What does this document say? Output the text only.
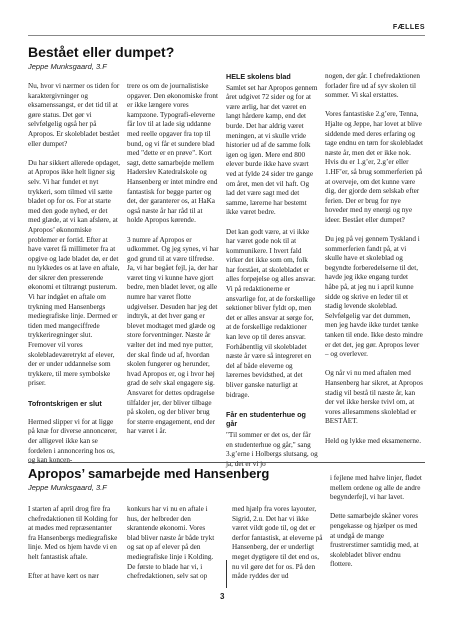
FÆLLES
Bestået eller dumpet?

Jeppe Munksgaard, 3.F

Nu, hvor vi nærmer os tiden for karaktergivninger og eksamenssangst, er det tid til at gøre status. Det gør vi selvfølgelig også her på Apropos. Er skolebladet bestået eller dumpet?

Du har sikkert allerede opdaget, at Apropos ikke helt ligner sig selv. Vi har fundet et nyt trykkeri, som tilmed vil sætte bladet op for os. For at starte med den gode nyhed, er det med glæde, at vi kan afsløre, at Apropos’ økonomiske problemer er fortid. Efter at have været få millimeter fra at opgive og lade bladet dø, er det nu lykkedes os at lave en aftale, der sikrer den presserende økonomi et tiltrængt pusterum. Vi har indgået en aftale om trykning med Hansenbergs mediegrafiske linje. Dermed er tiden med mangeciffrede trykkeriregninger slut. Fremover vil vores skolebladeværetrykt af elever, der er under uddannelse som trykkere, til mere symbolske priser.

Tofrontskrigen er slut

Hermed slipper vi for at ligge på knæ for diverse annoncører, der alligevel ikke kan se fordelen i annoncering hos os, og kan koncen-

trere os om de journalistiske opgaver. Den økonomiske front er ikke længere vores kampzone. Typografi-eleverne får lov til at lade sig uddanne med reelle opgaver fra top til bund, og vi får et sundere blad med "dette er en prøve". Kort sagt, dette samarbejde mellem Haderslev Katedralskole og Hansenberg er intet mindre end fantastisk for begge parter og det, der garanterer os, at HaKa også næste år har råd til at holde Apropos kørende.

3 numre af Apropos er udkommet. Og jeg synes, vi har god grund til at være tilfredse. Ja, vi har begået fejl, ja, der har været ting vi kunne have gjort bedre, men bladet lever, og alle numre har været flotte udgivelser. Desuden har jeg det indtryk, at det hver gang er blevet modtaget med glæde og store forventninger. Næste år vælter det ind med nye putter, der skal finde ud af, hvordan skolen fungerer og herunder, hvad Apropos er, og i hvor høj grad de selv skal engagere sig. Ansvaret for dettes opdragelse tilfalder jer, der bliver tilbage på skolen, og der bliver brug for større engagement, end der har været i år.

HELE skolens blad

Samlet set har Apropos gennem året udgivet 72 sider og for at være ærlig, har det været en langt hårdere kamp, end det burde. Det har aldrig været meningen, at vi skulle vride historier ud af de samme folk igen og igen. Mere end 800 elever burde ikke have svært ved at fylde 24 sider tre gange om året, men det vil haft. Og lad det være sagt med det samme, lærerne har bestemt ikke været bedre.

Det kan godt være, at vi ikke har været gode nok til at kommunikere. I hvert fald virker det ikke som om, folk har forstået, at skolebladet er alles forpøjelse og alles ansvar. Vi på redaktionerne er ansvarlige for, at de forskellige sektioner bliver fyldt op, men det er alles ansvar at sørge for, at de forskellige redaktioner kan leve op til deres ansvar. Forhåbentlig vil skolebladet næste år være så integreret en del af både eleverne og lærernes bevidsthed, at det bliver ganske naturligt at bidrage.

Får en studenterhue og går

"Til sommer er det os, der får en studenterhue og går," sang 3.g’erne i Holbergs slutsang, og ja, det er vi jo

nogen, der går. I chefredaktionen forlader fire ud af syv skolen til sommer. Vi skal erstattes.

Vores fantastiske 2.g’ere, Tenna, Hjalte og Jeppe, har lovet at blive siddende med deres erfaring og tage endnu en tørn for skolebladet næste år, men det er ikke nok. Hvis du er 1.g’er, 2.g’er eller 1.HF’er, så brug sommerferien på at overveje, om det kunne være dig, der gjorde dem selskab efter ferien. Der er brug for nye hoveder med ny energi og nye ideer. Bestået eller dumpet?

Du jeg på vej gennem Tyskland i sommerferien fandt på, at vi skulle have et skoleblad og begyndte forberedelserne til det, havde jeg ikke engang turdet håbe på, at jeg nu i april kunne sidde og skrive en leder til et stadig levende skoleblad. Selvfølgelig var det dummen, men jeg havde ikke turdet tænke tanken til ende. Ikke desto mindre er det det, jeg gør. Apropos lever – og overlever.

Og når vi nu med aftalen med Hansenberg har sikret, at Apropos stadig vil bestå til næste år, kan der vel ikke herske tvivl om, at vores allesammens skoleblad er BESTÅET.

Held og lykke med eksamenerne.

Apropos’ samarbejde med Hansenberg

Jeppe Munksgaard, 3.F

I starten af april drog fire fra chefredaktionen til Kolding for at mødes med repræsentanter fra Hansenbergs mediegrafiske linje. Med os hjem havde vi en helt fantastisk aftale.

Efter at have kørt os nær

konkurs har vi nu en aftale i hus, der helbreder den skrantende økonomi. Vores blad bliver næste år både trykt og sat op af elever på den mediegrafiske linje i Kolding. De første to blade har vi, i chefredaktionen, selv sat op

med hjælp fra vores layouter, Sigrid, 2.u. Det har vi ikke været vildt gode til, og det er derfor fantastisk, at eleverne på Hansenberg, der er underligt meget dygtigere til det end os, nu vil gøre det for os. På den måde ryddes der ud

i fejlene med halve linjer, flødet mellem ordene og alle de andre begynderfejl, vi har lavet.

Dette samarbejde skåner vores pengekasse og hjælper os med at undgå de mange frustrerstimer samtidig med, at skolebladet bliver endnu flottere.

3
